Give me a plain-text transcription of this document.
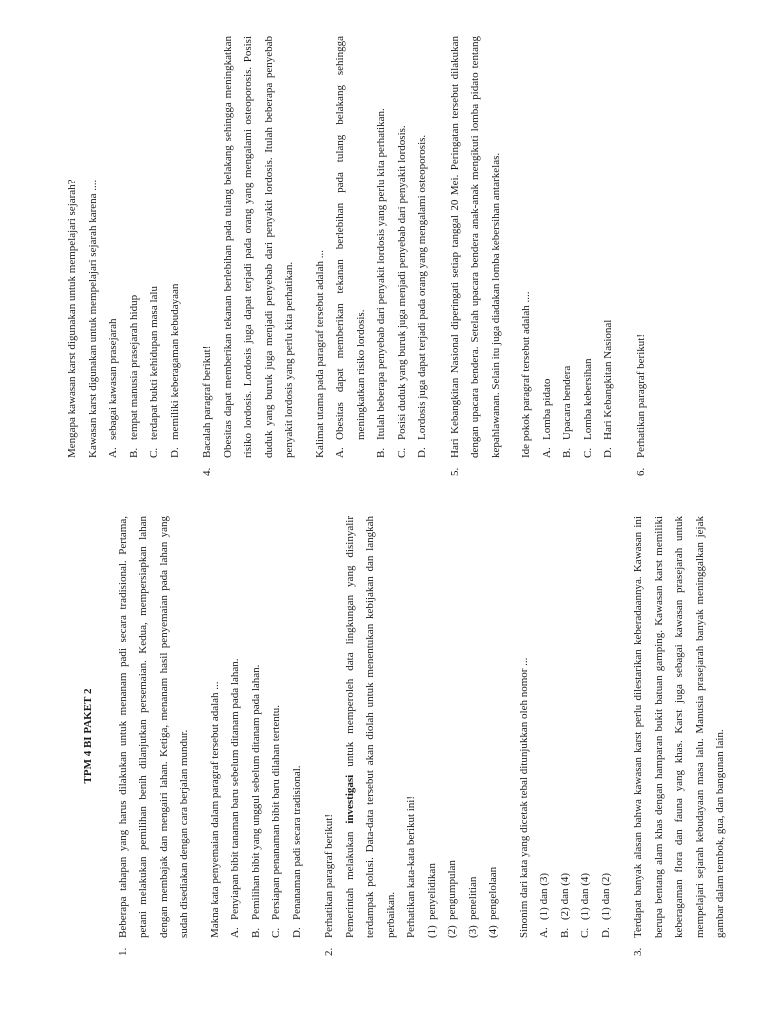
TPM 4 BI PAKET 2

1.

Beberapa tahapan yang harus dilakukan untuk menanam padi secara tradisional. Pertama, petani melakukan pemilihan benih dilanjutkan persemaian. Kedua, mempersiapkan lahan dengan membajak dan mengairi lahan. Ketiga, menanam hasil penyemaian pada lahan yang sudah disediakan dengan cara berjalan mundur.	Makna kata penyemaian dalam paragraf tersebut adalah ... A.
Penyiapan bibit tanaman baru sebelum ditanam pada lahan.
B.
Pemilihan bibit yang unggul sebelum ditanam pada lahan.
C.
Persiapan penanaman bibit baru dilahan tertentu.
D.
Penanaman padi secara tradisional.
2.

Perhatikan paragraf berikut! Pemerintah melakukan investigasi untuk memperoleh data lingkungan yang disinyalir terdampak polusi. Data-data tersebut akan diolah untuk menentukan kebijakan dan langkah perbaikan. Perhatikan kata-kata berikut ini! (1)
penyelidikan
(2)
pengumpulan
(3)
penelitian
(4)
pengelolaan	Sinonim dari kata yang dicetak tebal ditunjukkan oleh nomor ... A.
(1) dan (3)
B.
(2) dan (4)
C.
(1) dan (4)
D.
(1) dan (2)
3.

Terdapat banyak alasan bahwa kawasan karst perlu dilestarikan keberadaannya. Kawasan ini berupa bentang alam khas dengan hamparan bukit batuan gamping. Kawasan karst memiliki keberagaman flora dan fauna yang khas. Karst juga sebagai kawasan prasejarah untuk mempelajari sejarah kebudayaan masa lalu. Manusia prasejarah banyak meninggalkan jejak gambar dalam tembok, gua, dan bangunan lain.

Mengapa kawasan karst digunakan untuk mempelajari sejarah? Kawasan karst digunakan untuk mempelajari sejarah karena .... A.
sebagai kawasan prasejarah
B.
tempat manusia prasejarah hidup
C.
terdapat bukti kehidupan masa lalu
D.
memiliki keberagaman kebudayaan
4.

Bacalah paragraf berikut! Obesitas dapat memberikan tekanan berlebihan pada tulang belakang sehingga meningkatkan risiko lordosis. Lordosis juga dapat terjadi pada orang yang mengalami osteoporosis. Posisi duduk yang buruk juga menjadi penyebab dari penyakit lordosis. Itulah beberapa penyebab penyakit lordosis yang perlu kita perhatikan.	Kalimat utama pada paragraf tersebut adalah ... A.
Obesitas dapat memberikan tekanan berlebihan pada tulang belakang sehingga meningkatkan risiko lordosis.
B.
Itulah beberapa penyebab dari penyakit lordosis yang perlu kita perhatikan.
C.
Posisi duduk yang buruk juga menjadi penyebab dari penyakit lordosis.
D.
Lordosis juga dapat terjadi pada orang yang mengalami osteoporosis.
5.

Hari Kebangkitan Nasional diperingati setiap tanggal 20 Mei. Peringatan tersebut dilakukan dengan upacara bendera. Setelah upacara bendera anak-anak mengikuti lomba pidato tentang kepahlawanan. Selain itu juga diadakan lomba kebersihan antarkelas.	Ide pokok paragraf tersebut adalah .... A.
Lomba pidato
B.
Upacara bendera
C.
Lomba kebersihan
D.
Hari Kebangkitan Nasional
6.

Perhatikan paragraf berikut!
